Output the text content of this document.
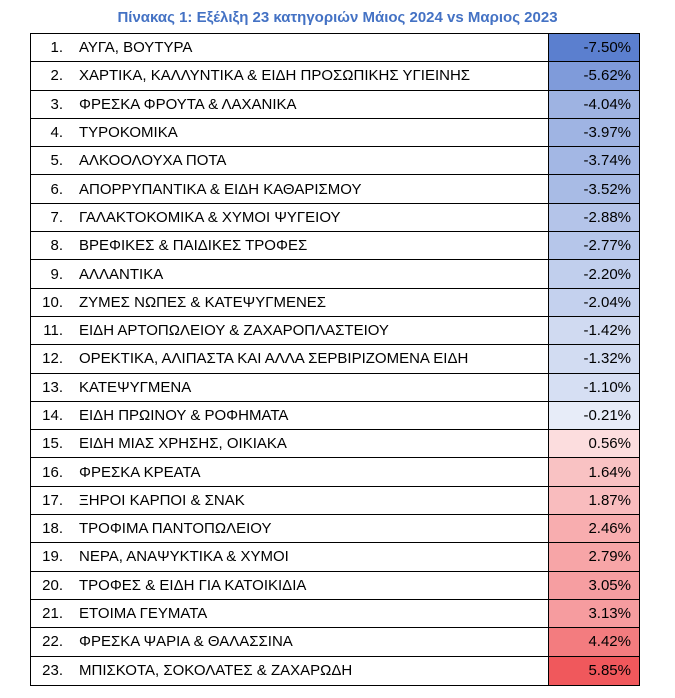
Πίνακας 1: Εξέλιξη 23 κατηγοριών Μάιος 2024 vs Μαριος 2023
1.	ΑΥΓΑ, ΒΟΥΤΥΡΑ	-7.50%
2.	ΧΑΡΤΙΚΑ, ΚΑΛΛΥΝΤΙΚΑ & ΕΙΔΗ ΠΡΟΣΩΠΙΚΗΣ ΥΓΙΕΙΝΗΣ	-5.62%
3.	ΦΡΕΣΚΑ ΦΡΟΥΤΑ & ΛΑΧΑΝΙΚΑ	-4.04%
4.	ΤΥΡΟΚΟΜΙΚΑ	-3.97%
5.	ΑΛΚΟΟΛΟΥΧΑ ΠΟΤΑ	-3.74%
6.	ΑΠΟΡΡΥΠΑΝΤΙΚΑ & ΕΙΔΗ ΚΑΘΑΡΙΣΜΟΥ	-3.52%
7.	ΓΑΛΑΚΤΟΚΟΜΙΚΑ & ΧΥΜΟΙ ΨΥΓΕΙΟΥ	-2.88%
8.	ΒΡΕΦΙΚΕΣ & ΠΑΙΔΙΚΕΣ ΤΡΟΦΕΣ	-2.77%
9.	ΑΛΛΑΝΤΙΚΑ	-2.20%
10.	ΖΥΜΕΣ ΝΩΠΕΣ & ΚΑΤΕΨΥΓΜΕΝΕΣ	-2.04%
11.	ΕΙΔΗ ΑΡΤΟΠΩΛΕΙΟΥ & ΖΑΧΑΡΟΠΛΑΣΤΕΙΟΥ	-1.42%
12.	ΟΡΕΚΤΙΚΑ, ΑΛΙΠΑΣΤΑ ΚΑΙ ΑΛΛΑ ΣΕΡΒΙΡΙΖΟΜΕΝΑ ΕΙΔΗ	-1.32%
13.	ΚΑΤΕΨΥΓΜΕΝΑ	-1.10%
14.	ΕΙΔΗ ΠΡΩΙΝΟΥ & ΡΟΦΗΜΑΤΑ	-0.21%
15.	ΕΙΔΗ ΜΙΑΣ ΧΡΗΣΗΣ, ΟΙΚΙΑΚΑ	0.56%
16.	ΦΡΕΣΚΑ ΚΡΕΑΤΑ	1.64%
17.	ΞΗΡΟΙ ΚΑΡΠΟΙ & ΣΝΑΚ	1.87%
18.	ΤΡΟΦΙΜΑ ΠΑΝΤΟΠΩΛΕΙΟΥ	2.46%
19.	ΝΕΡΑ, ΑΝΑΨΥΚΤΙΚΑ & ΧΥΜΟΙ	2.79%
20.	ΤΡΟΦΕΣ & ΕΙΔΗ ΓΙΑ ΚΑΤΟΙΚΙΔΙΑ	3.05%
21.	ΕΤΟΙΜΑ ΓΕΥΜΑΤΑ	3.13%
22.	ΦΡΕΣΚΑ ΨΑΡΙΑ & ΘΑΛΑΣΣΙΝΑ	4.42%
23.	ΜΠΙΣΚΟΤΑ, ΣΟΚΟΛΑΤΕΣ & ΖΑΧΑΡΩΔΗ	5.85%
